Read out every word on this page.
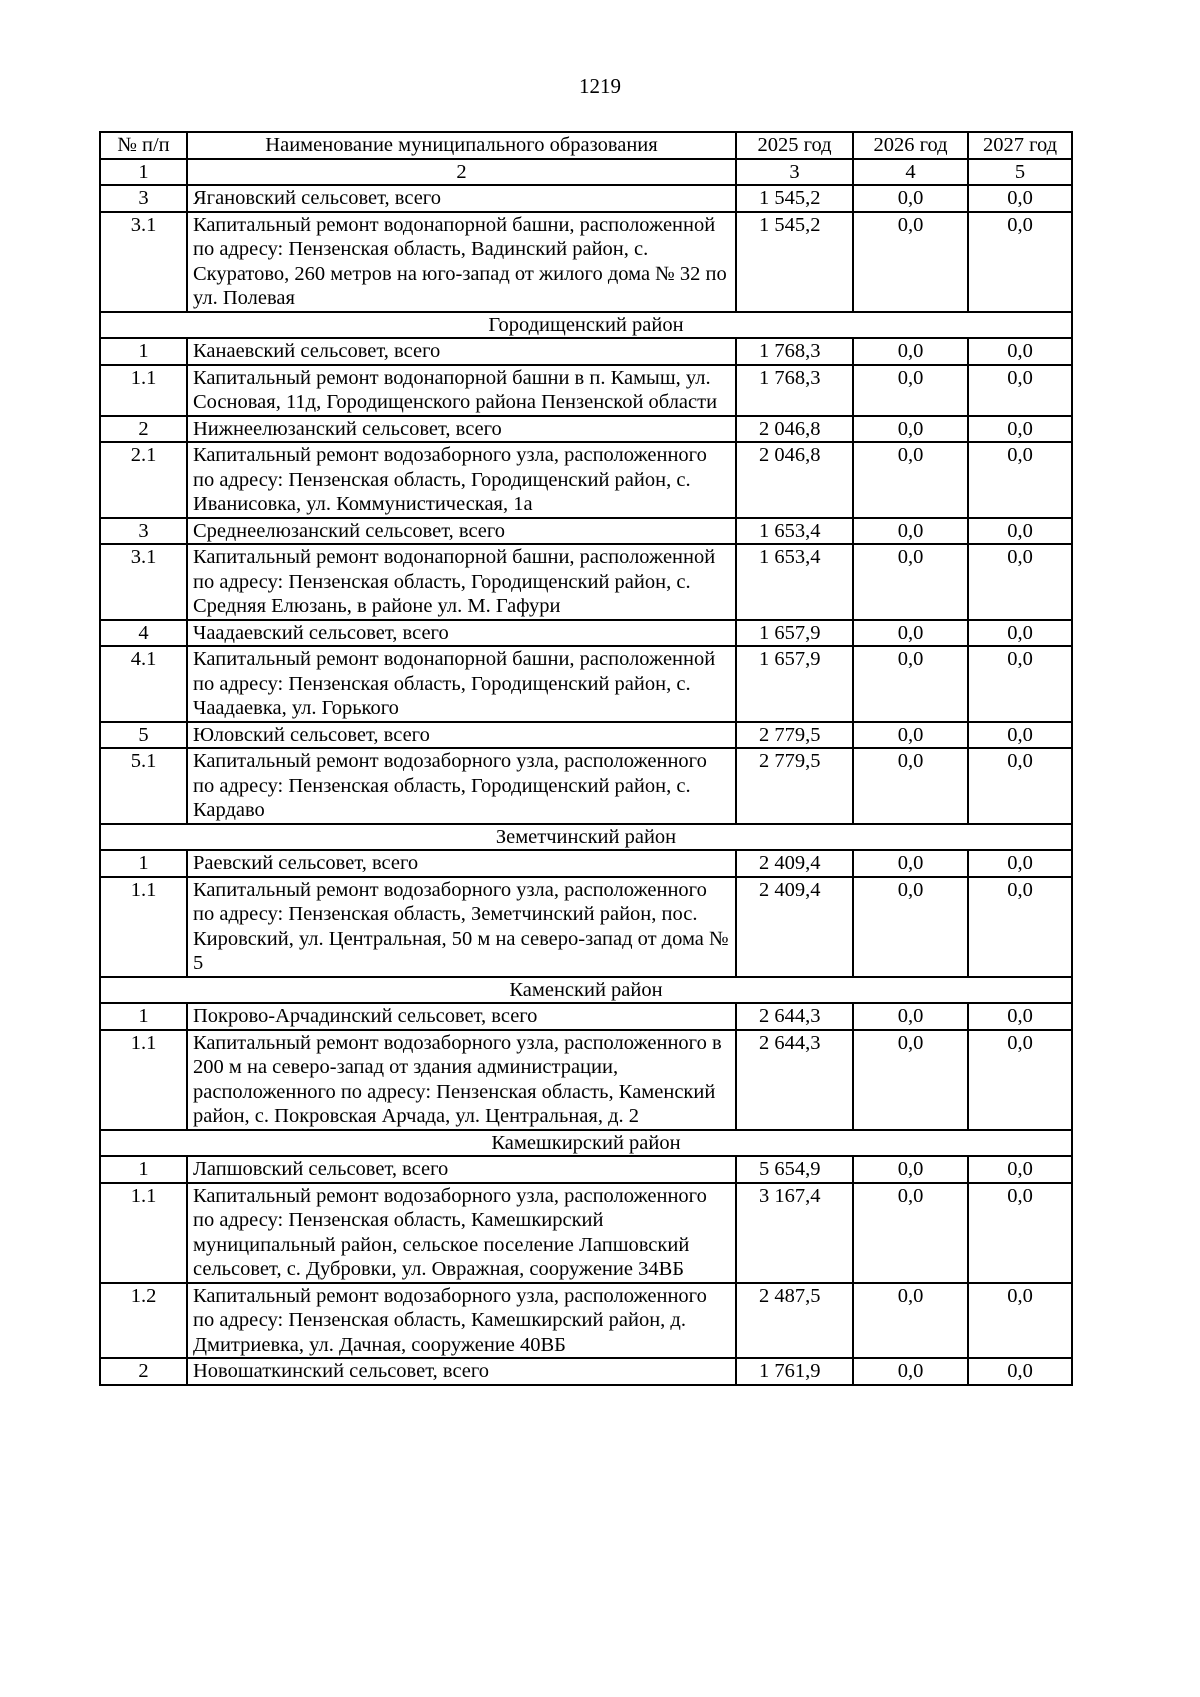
1219
№ п/п	Наименование муниципального образования	2025 год	2026 год	2027 год
1	2	3	4	5
3	Ягановский сельсовет, всего	1 545,2	0,0	0,0
3.1	Капитальный ремонт водонапорной башни, расположенной по адресу: Пензенская область, Вадинский район, с. Скуратово, 260 метров на юго-запад от жилого дома № 32 по ул. Полевая	1 545,2	0,0	0,0
Городищенский район				
1	Канаевский сельсовет, всего	1 768,3	0,0	0,0
1.1	Капитальный ремонт водонапорной башни в п. Камыш, ул. Сосновая, 11д, Городищенского района Пензенской области	1 768,3	0,0	0,0
2	Нижнеелюзанский сельсовет, всего	2 046,8	0,0	0,0
2.1	Капитальный ремонт водозаборного узла, расположенного по адресу: Пензенская область, Городищенский район, с. Иванисовка, ул. Коммунистическая, 1а	2 046,8	0,0	0,0
3	Среднеелюзанский сельсовет, всего	1 653,4	0,0	0,0
3.1	Капитальный ремонт водонапорной башни, расположенной по адресу: Пензенская область, Городищенский район, с. Средняя Елюзань, в районе ул. М. Гафури	1 653,4	0,0	0,0
4	Чаадаевский сельсовет, всего	1 657,9	0,0	0,0
4.1	Капитальный ремонт водонапорной башни, расположенной по адресу: Пензенская область, Городищенский район, с. Чаадаевка, ул. Горького	1 657,9	0,0	0,0
5	Юловский сельсовет, всего	2 779,5	0,0	0,0
5.1	Капитальный ремонт водозаборного узла, расположенного по адресу: Пензенская область, Городищенский район, с. Кардаво	2 779,5	0,0	0,0
Земетчинский район				
1	Раевский сельсовет, всего	2 409,4	0,0	0,0
1.1	Капитальный ремонт водозаборного узла, расположенного по адресу: Пензенская область, Земетчинский район, пос. Кировский, ул. Центральная, 50 м на северо-запад от дома № 5	2 409,4	0,0	0,0
Каменский район				
1	Покрово-Арчадинский сельсовет, всего	2 644,3	0,0	0,0
1.1	Капитальный ремонт водозаборного узла, расположенного в 200 м на северо-запад от здания администрации, расположенного по адресу: Пензенская область, Каменский район, с. Покровская Арчада, ул. Центральная, д. 2	2 644,3	0,0	0,0
Камешкирский район				
1	Лапшовский сельсовет, всего	5 654,9	0,0	0,0
1.1	Капитальный ремонт водозаборного узла, расположенного по адресу: Пензенская область, Камешкирский муниципальный район, сельское поселение Лапшовский сельсовет, с. Дубровки, ул. Овражная, сооружение 34ВБ	3 167,4	0,0	0,0
1.2	Капитальный ремонт водозаборного узла, расположенного по адресу: Пензенская область, Камешкирский район, д. Дмитриевка, ул. Дачная, сооружение 40ВБ	2 487,5	0,0	0,0
2	Новошаткинский сельсовет, всего	1 761,9	0,0	0,0
